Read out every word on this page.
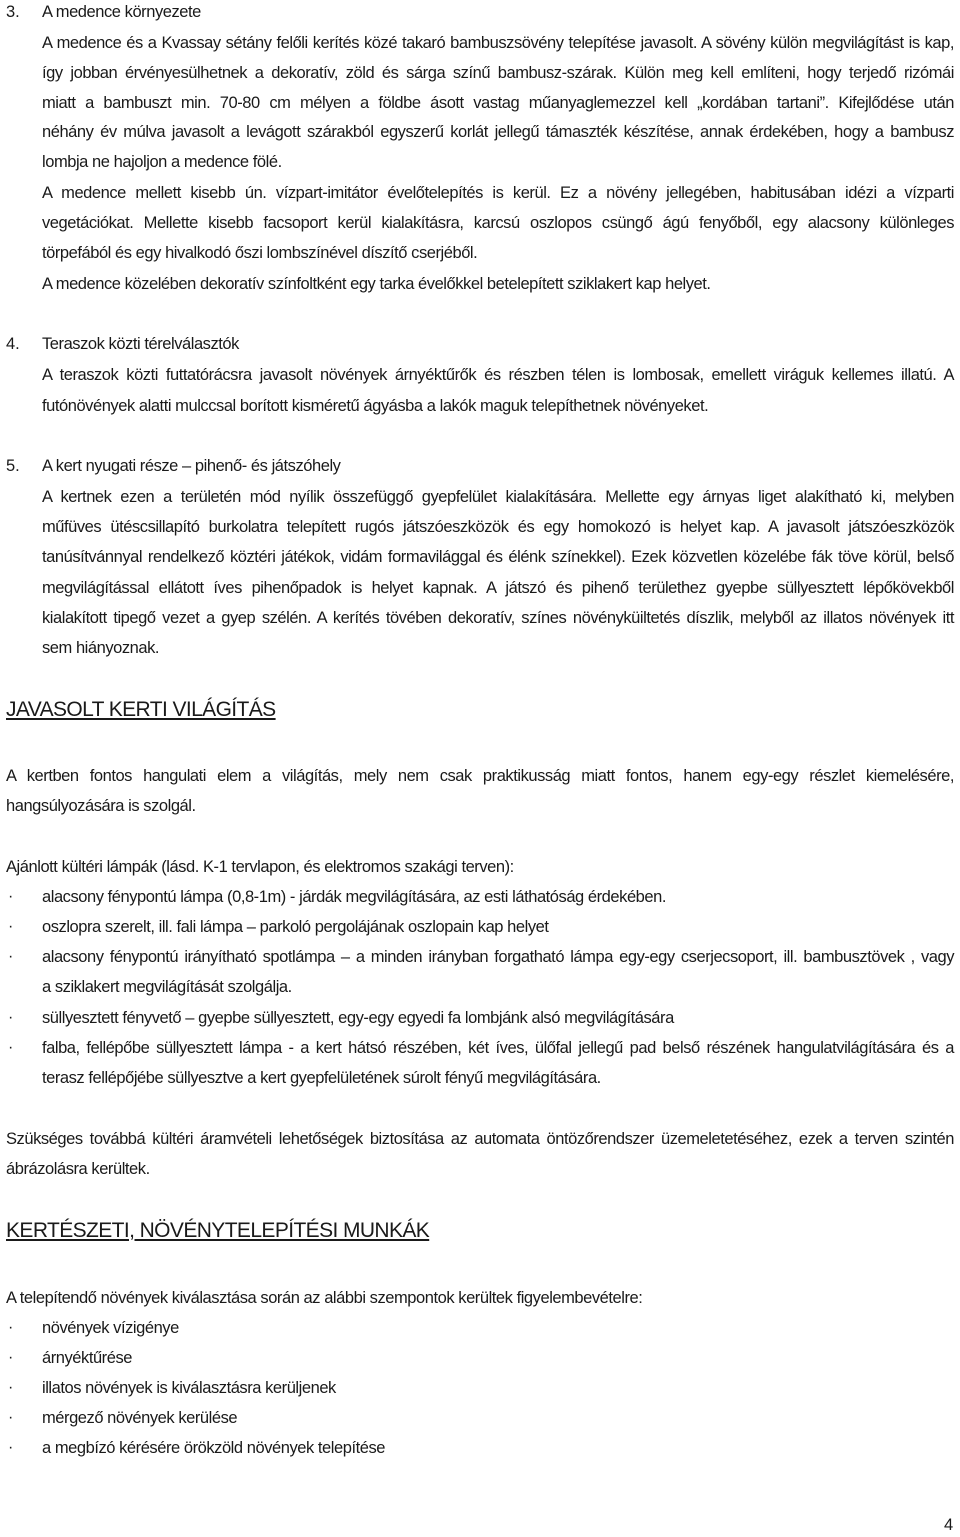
3. A medence környezete
A medence és a Kvassay sétány felőli kerítés közé takaró bambuszsövény telepítése javasolt. A sövény külön megvilágítást is kap,
így jobban érvényesülhetnek a dekoratív, zöld és sárga színű bambusz-szárak. Külön meg kell említeni, hogy terjedő rizómái
miatt a bambuszt min. 70-80 cm mélyen a földbe ásott vastag műanyaglemezzel kell „kordában tartani”. Kifejlődése után
néhány év múlva javasolt a levágott szárakból egyszerű korlát jellegű támaszték készítése, annak érdekében, hogy a bambusz
lombja ne hajoljon a medence fölé.
A medence mellett kisebb ún. vízpart-imitátor évelőtelepítés is kerül. Ez a növény jellegében, habitusában idézi a vízparti
vegetációkat. Mellette kisebb facsoport kerül kialakításra, karcsú oszlopos csüngő ágú fenyőből, egy alacsony különleges
törpefából és egy hivalkodó őszi lombszínével díszítő cserjéből.
A medence közelében dekoratív színfoltként egy tarka évelőkkel betelepített sziklakert kap helyet.
4. Teraszok közti térelválasztók
A teraszok közti futtatórácsra javasolt növények árnyéktűrők és részben télen is lombosak, emellett viráguk kellemes illatú. A
futónövények alatti mulccsal borított kisméretű ágyásba a lakók maguk telepíthetnek növényeket.
5. A kert nyugati része – pihenő- és játszóhely
A kertnek ezen a területén mód nyílik összefüggő gyepfelület kialakítására. Mellette egy árnyas liget alakítható ki, melyben
műfüves ütéscsillapító burkolatra telepített rugós játszóeszközök és egy homokozó is helyet kap. A javasolt játszóeszközök
tanúsítvánnyal rendelkező köztéri játékok, vidám formavilággal és élénk színekkel). Ezek közvetlen közelébe fák töve körül, belső
megvilágítással ellátott íves pihenőpadok is helyet kapnak. A játszó és pihenő területhez gyepbe süllyesztett lépőkövekből
kialakított tipegő vezet a gyep szélén. A kerítés tövében dekoratív, színes növényküiltetés díszlik, melyből az illatos növények itt
sem hiányoznak.
JAVASOLT KERTI VILÁGÍTÁS
A kertben fontos hangulati elem a világítás, mely nem csak praktikusság miatt fontos, hanem egy-egy részlet kiemelésére,
hangsúlyozására is szolgál.
Ajánlott kültéri lámpák (lásd. K-1 tervlapon, és elektromos szakági terven):
· alacsony fénypontú lámpa (0,8-1m) - járdák megvilágítására, az esti láthatóság érdekében.
· oszlopra szerelt, ill. fali lámpa – parkoló pergolájának oszlopain kap helyet
· alacsony fénypontú irányítható spotlámpa – a minden irányban forgatható lámpa egy-egy cserjecsoport, ill. bambusztövek , vagy
a sziklakert megvilágítását szolgálja.
· süllyesztett fényvető – gyepbe süllyesztett, egy-egy egyedi fa lombjánk alsó megvilágítására
· falba, fellépőbe süllyesztett lámpa - a kert hátsó részében, két íves, ülőfal jellegű pad belső részének hangulatvilágítására és a
terasz fellépőjébe süllyesztve a kert gyepfelületének súrolt fényű megvilágítására.
Szükséges továbbá kültéri áramvételi lehetőségek biztosítása az automata öntözőrendszer üzemeletetéséhez, ezek a terven szintén
ábrázolásra kerültek.
KERTÉSZETI, NÖVÉNYTELEPÍTÉSI MUNKÁK
A telepítendő növények kiválasztása során az alábbi szempontok kerültek figyelembevételre:
· növények vízigénye
· árnyéktűrése
· illatos növények is kiválasztásra kerüljenek
· mérgező növények kerülése
· a megbízó kérésére örökzöld növények telepítése
4
